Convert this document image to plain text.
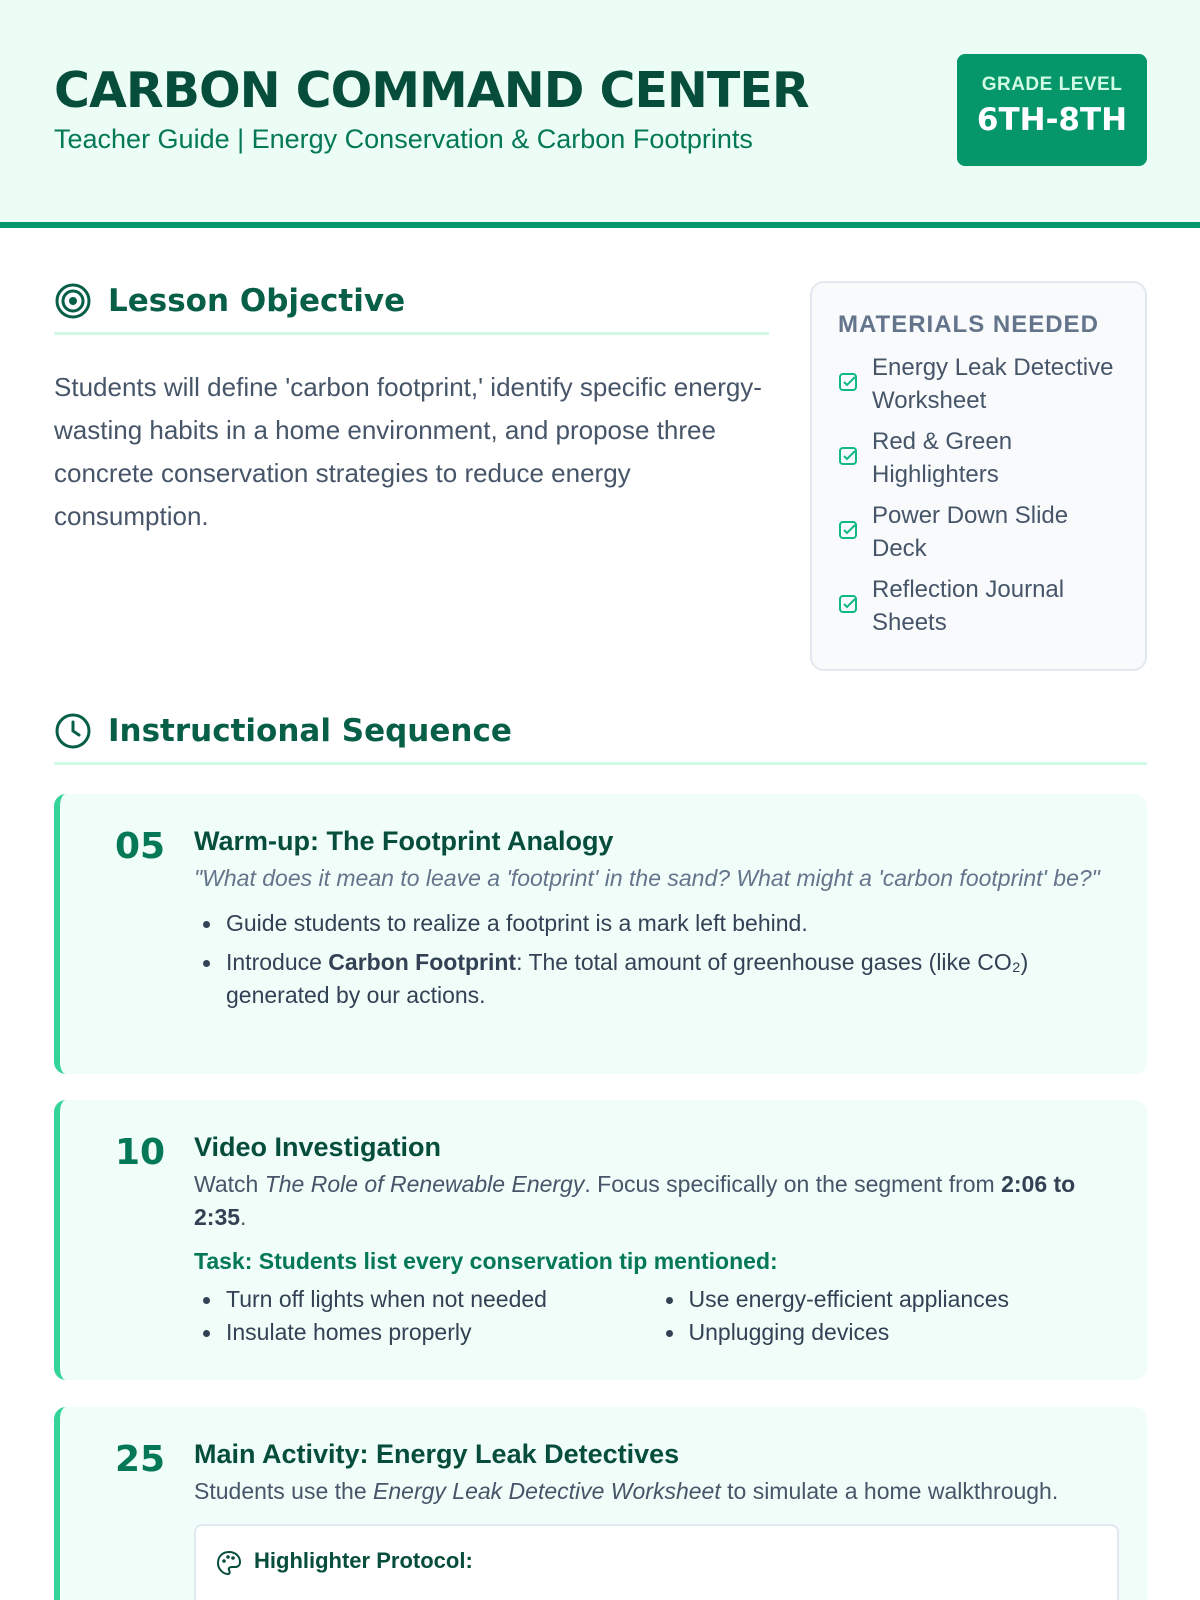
CARBON COMMAND CENTER
Teacher Guide | Energy Conservation & Carbon Footprints
GRADE LEVEL
6TH-8TH
Lesson Objective

Students will define 'carbon footprint,' identify specific energy-wasting habits in a home environment, and propose three concrete conservation strategies to reduce energy consumption.

MATERIALS NEEDED
Energy Leak Detective Worksheet
Red & Green Highlighters
Power Down Slide Deck
Reflection Journal Sheets
Instructional Sequence
05	Warm-up: The Footprint Analogy
"What does it mean to leave a 'footprint' in the sand? What might a 'carbon footprint' be?"
Guide students to realize a footprint is a mark left behind.
Introduce Carbon Footprint: The total amount of greenhouse gases (like CO₂) generated by our actions.
10	Video Investigation
Watch The Role of Renewable Energy. Focus specifically on the segment from 2:06 to 2:35.
Task: Students list every conservation tip mentioned:
Turn off lights when not needed	Use energy-efficient appliances
Insulate homes properly	Unplugging devices
25	Main Activity: Energy Leak Detectives
Students use the Energy Leak Detective Worksheet to simulate a home walkthrough.
Highlighter Protocol:
